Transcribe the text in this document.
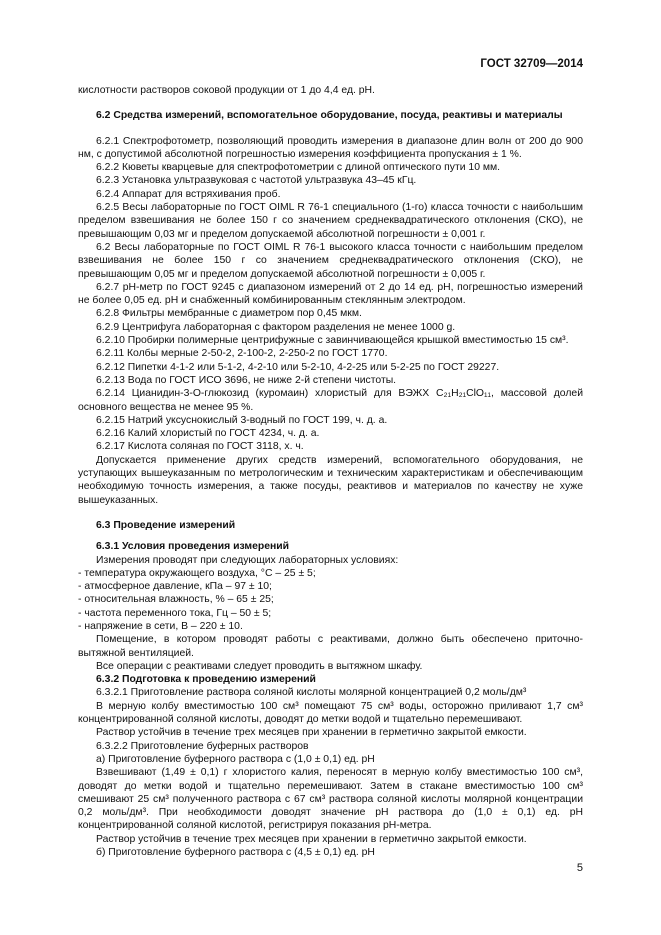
ГОСТ 32709—2014
кислотности растворов соковой продукции от 1 до 4,4 ед. рН.
6.2 Средства измерений, вспомогательное оборудование, посуда, реактивы и материалы
6.2.1 Спектрофотометр, позволяющий проводить измерения в диапазоне длин волн от 200 до 900 нм, с допустимой абсолютной погрешностью измерения коэффициента пропускания ± 1 %.
6.2.2 Кюветы кварцевые для спектрофотометрии с длиной оптического пути 10 мм.
6.2.3 Установка ультразвуковая с частотой ультразвука 43–45 кГц.
6.2.4 Аппарат для встряхивания проб.
6.2.5 Весы лабораторные по ГОСТ OIML R 76-1 специального (1-го) класса точности с наибольшим пределом взвешивания не более 150 г со значением среднеквадратического отклонения (СКО), не превышающим 0,03 мг и пределом допускаемой абсолютной погрешности ± 0,001 г.
6.2 Весы лабораторные по ГОСТ OIML R 76-1 высокого класса точности с наибольшим пределом взвешивания не более 150 г со значением среднеквадратического отклонения (СКО), не превышающим 0,05 мг и пределом допускаемой абсолютной погрешности ± 0,005 г.
6.2.7 рН-метр по ГОСТ 9245 с диапазоном измерений от 2 до 14 ед. рН, погрешностью измерений не более 0,05 ед. рН и снабженный комбинированным стеклянным электродом.
6.2.8 Фильтры мембранные с диаметром пор 0,45 мкм.
6.2.9 Центрифуга лабораторная с фактором разделения не менее 1000 g.
6.2.10 Пробирки полимерные центрифужные с завинчивающейся крышкой вместимостью 15 см³.
6.2.11 Колбы мерные 2-50-2, 2-100-2, 2-250-2 по ГОСТ 1770.
6.2.12 Пипетки 4-1-2 или 5-1-2, 4-2-10 или 5-2-10, 4-2-25 или 5-2-25 по ГОСТ 29227.
6.2.13 Вода по ГОСТ ИСО 3696, не ниже 2-й степени чистоты.
6.2.14 Цианидин-3-О-глюкозид (куромаин) хлористый для ВЭЖХ C₂₁H₂₁ClO₁₁, массовой долей основного вещества не менее 95 %.
6.2.15 Натрий уксуснокислый 3-водный по ГОСТ 199, ч. д. а.
6.2.16 Калий хлористый по ГОСТ 4234, ч. д. а.
6.2.17 Кислота соляная по ГОСТ 3118, х. ч.
Допускается применение других средств измерений, вспомогательного оборудования, не уступающих вышеуказанным по метрологическим и техническим характеристикам и обеспечивающим необходимую точность измерения, а также посуды, реактивов и материалов по качеству не хуже вышеуказанных.
6.3 Проведение измерений
6.3.1 Условия проведения измерений
Измерения проводят при следующих лабораторных условиях:
- температура окружающего воздуха, °С – 25 ± 5;
- атмосферное давление, кПа – 97 ± 10;
- относительная влажность, % – 65 ± 25;
- частота переменного тока, Гц – 50 ± 5;
- напряжение в сети, В – 220 ± 10.
Помещение, в котором проводят работы с реактивами, должно быть обеспечено приточно-вытяжной вентиляцией.
Все операции с реактивами следует проводить в вытяжном шкафу.
6.3.2 Подготовка к проведению измерений
6.3.2.1 Приготовление раствора соляной кислоты молярной концентрацией 0,2 моль/дм³
В мерную колбу вместимостью 100 см³ помещают 75 см³ воды, осторожно приливают 1,7 см³ концентрированной соляной кислоты, доводят до метки водой и тщательно перемешивают.
Раствор устойчив в течение трех месяцев при хранении в герметично закрытой емкости.
6.3.2.2 Приготовление буферных растворов
а) Приготовление буферного раствора с (1,0 ± 0,1) ед. рН
Взвешивают (1,49 ± 0,1) г хлористого калия, переносят в мерную колбу вместимостью 100 см³, доводят до метки водой и тщательно перемешивают. Затем в стакане вместимостью 100 см³ смешивают 25 см³ полученного раствора с 67 см³ раствора соляной кислоты молярной концентрации 0,2 моль/дм³. При необходимости доводят значение рН раствора до (1,0 ± 0,1) ед. рН концентрированной соляной кислотой, регистрируя показания рН-метра.
Раствор устойчив в течение трех месяцев при хранении в герметично закрытой емкости.
б) Приготовление буферного раствора с (4,5 ± 0,1) ед. рН
5
